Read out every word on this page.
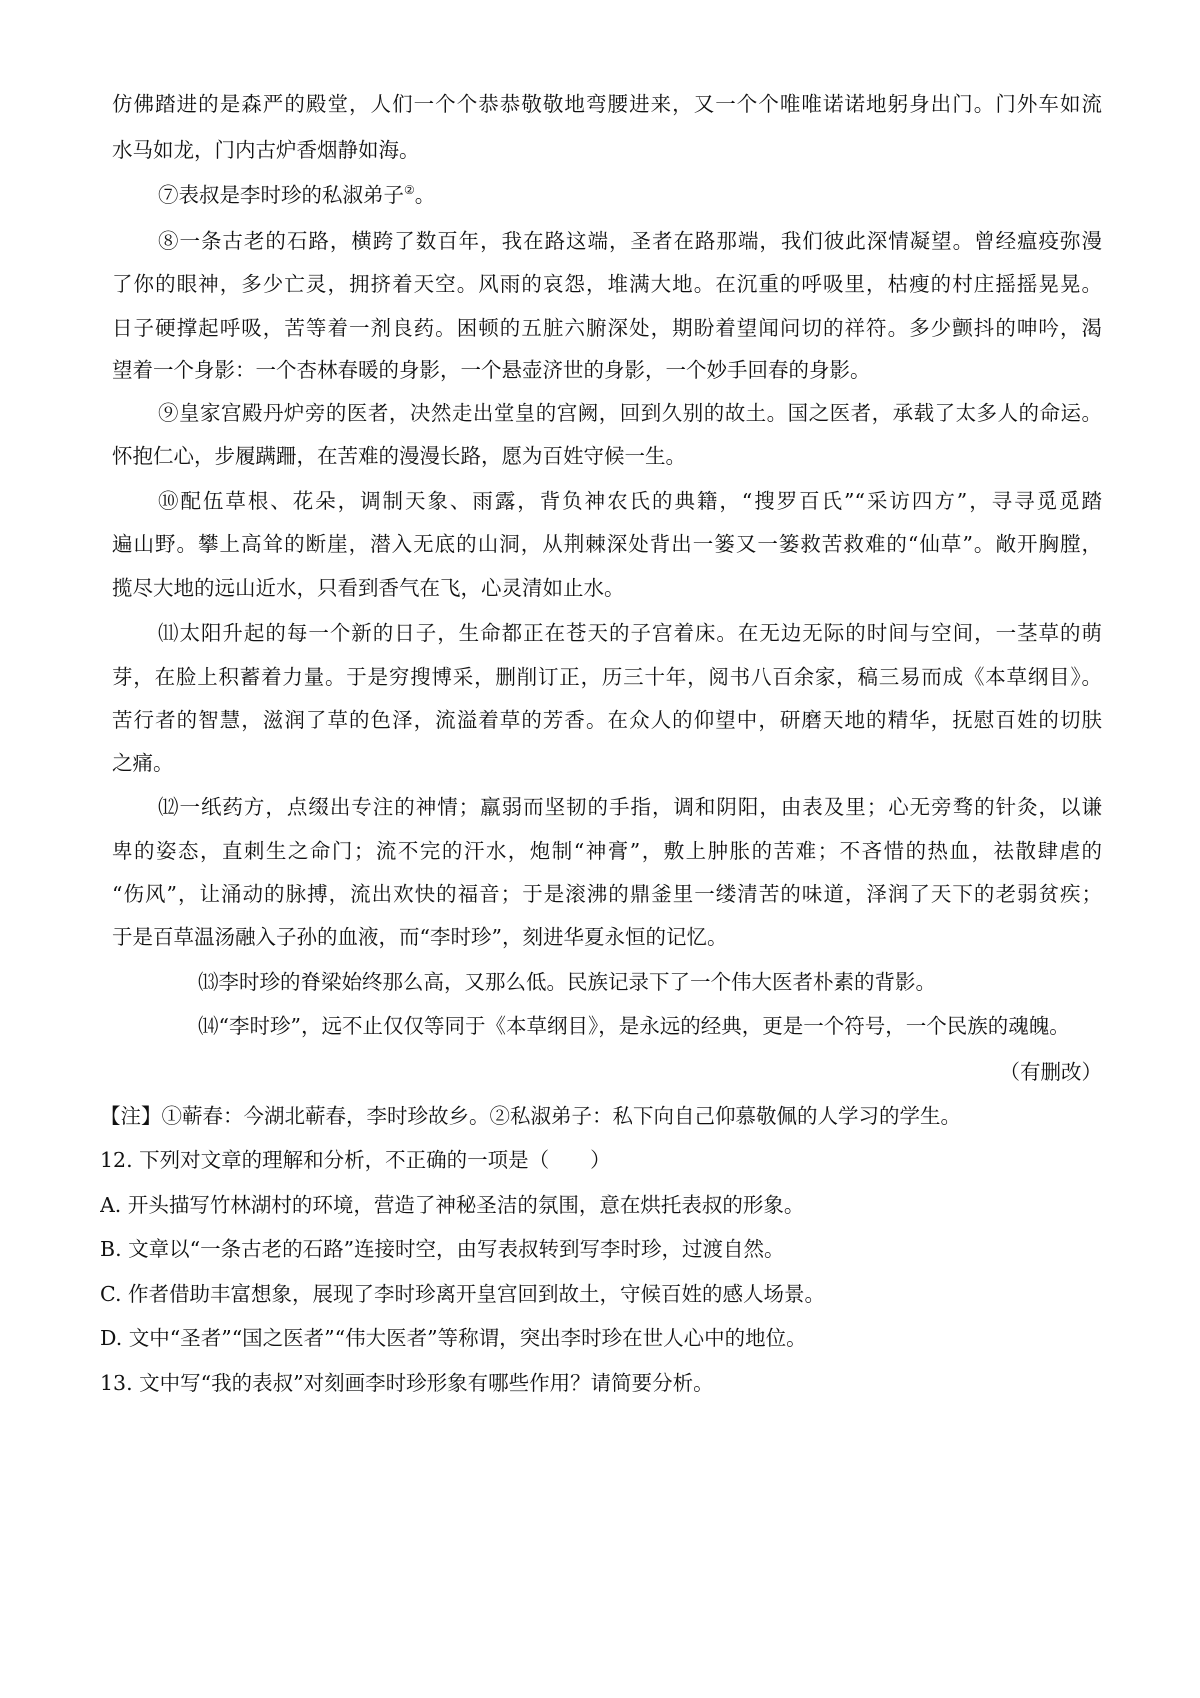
仿佛踏进的是森严的殿堂，人们一个个恭恭敬敬地弯腰进来，又一个个唯唯诺诺地躬身出门。门外车如流
水马如龙，门内古炉香烟静如海。
⑦表叔是李时珍的私淑弟子②。
⑧一条古老的石路，横跨了数百年，我在路这端，圣者在路那端，我们彼此深情凝望。曾经瘟疫弥漫
了你的眼神，多少亡灵，拥挤着天空。风雨的哀怨，堆满大地。在沉重的呼吸里，枯瘦的村庄摇摇晃晃。
日子硬撑起呼吸，苦等着一剂良药。困顿的五脏六腑深处，期盼着望闻问切的祥符。多少颤抖的呻吟，渴
望着一个身影：一个杏林春暖的身影，一个悬壶济世的身影，一个妙手回春的身影。
⑨皇家宫殿丹炉旁的医者，决然走出堂皇的宫阙，回到久别的故土。国之医者，承载了太多人的命运。
怀抱仁心，步履蹒跚，在苦难的漫漫长路，愿为百姓守候一生。
⑩配伍草根、花朵，调制天象、雨露，背负神农氏的典籍，“搜罗百氏”“采访四方”，寻寻觅觅踏
遍山野。攀上高耸的断崖，潜入无底的山洞，从荆棘深处背出一篓又一篓救苦救难的“仙草”。敞开胸膛，
揽尽大地的远山近水，只看到香气在飞，心灵清如止水。
⑾太阳升起的每一个新的日子，生命都正在苍天的子宫着床。在无边无际的时间与空间，一茎草的萌
芽，在脸上积蓄着力量。于是穷搜博采，删削订正，历三十年，阅书八百余家，稿三易而成《本草纲目》。
苦行者的智慧，滋润了草的色泽，流溢着草的芳香。在众人的仰望中，研磨天地的精华，抚慰百姓的切肤
之痛。
⑿一纸药方，点缀出专注的神情；羸弱而坚韧的手指，调和阴阳，由表及里；心无旁骛的针灸，以谦
卑的姿态，直刺生之命门；流不完的汗水，炮制“神膏”，敷上肿胀的苦难；不吝惜的热血，祛散肆虐的
“伤风”，让涌动的脉搏，流出欢快的福音；于是滚沸的鼎釜里一缕清苦的味道，泽润了天下的老弱贫疾；
于是百草温汤融入子孙的血液，而“李时珍”，刻进华夏永恒的记忆。
⒀李时珍的脊梁始终那么高，又那么低。民族记录下了一个伟大医者朴素的背影。
⒁“李时珍”，远不止仅仅等同于《本草纲目》，是永远的经典，更是一个符号，一个民族的魂魄。
（有删改）
【注】①蕲春：今湖北蕲春，李时珍故乡。②私淑弟子：私下向自己仰慕敬佩的人学习的学生。
12. 下列对文章的理解和分析，不正确的一项是（　　）
A. 开头描写竹林湖村的环境，营造了神秘圣洁的氛围，意在烘托表叔的形象。
B. 文章以“一条古老的石路”连接时空，由写表叔转到写李时珍，过渡自然。
C. 作者借助丰富想象，展现了李时珍离开皇宫回到故土，守候百姓的感人场景。
D. 文中“圣者”“国之医者”“伟大医者”等称谓，突出李时珍在世人心中的地位。
13. 文中写“我的表叔”对刻画李时珍形象有哪些作用？请简要分析。
